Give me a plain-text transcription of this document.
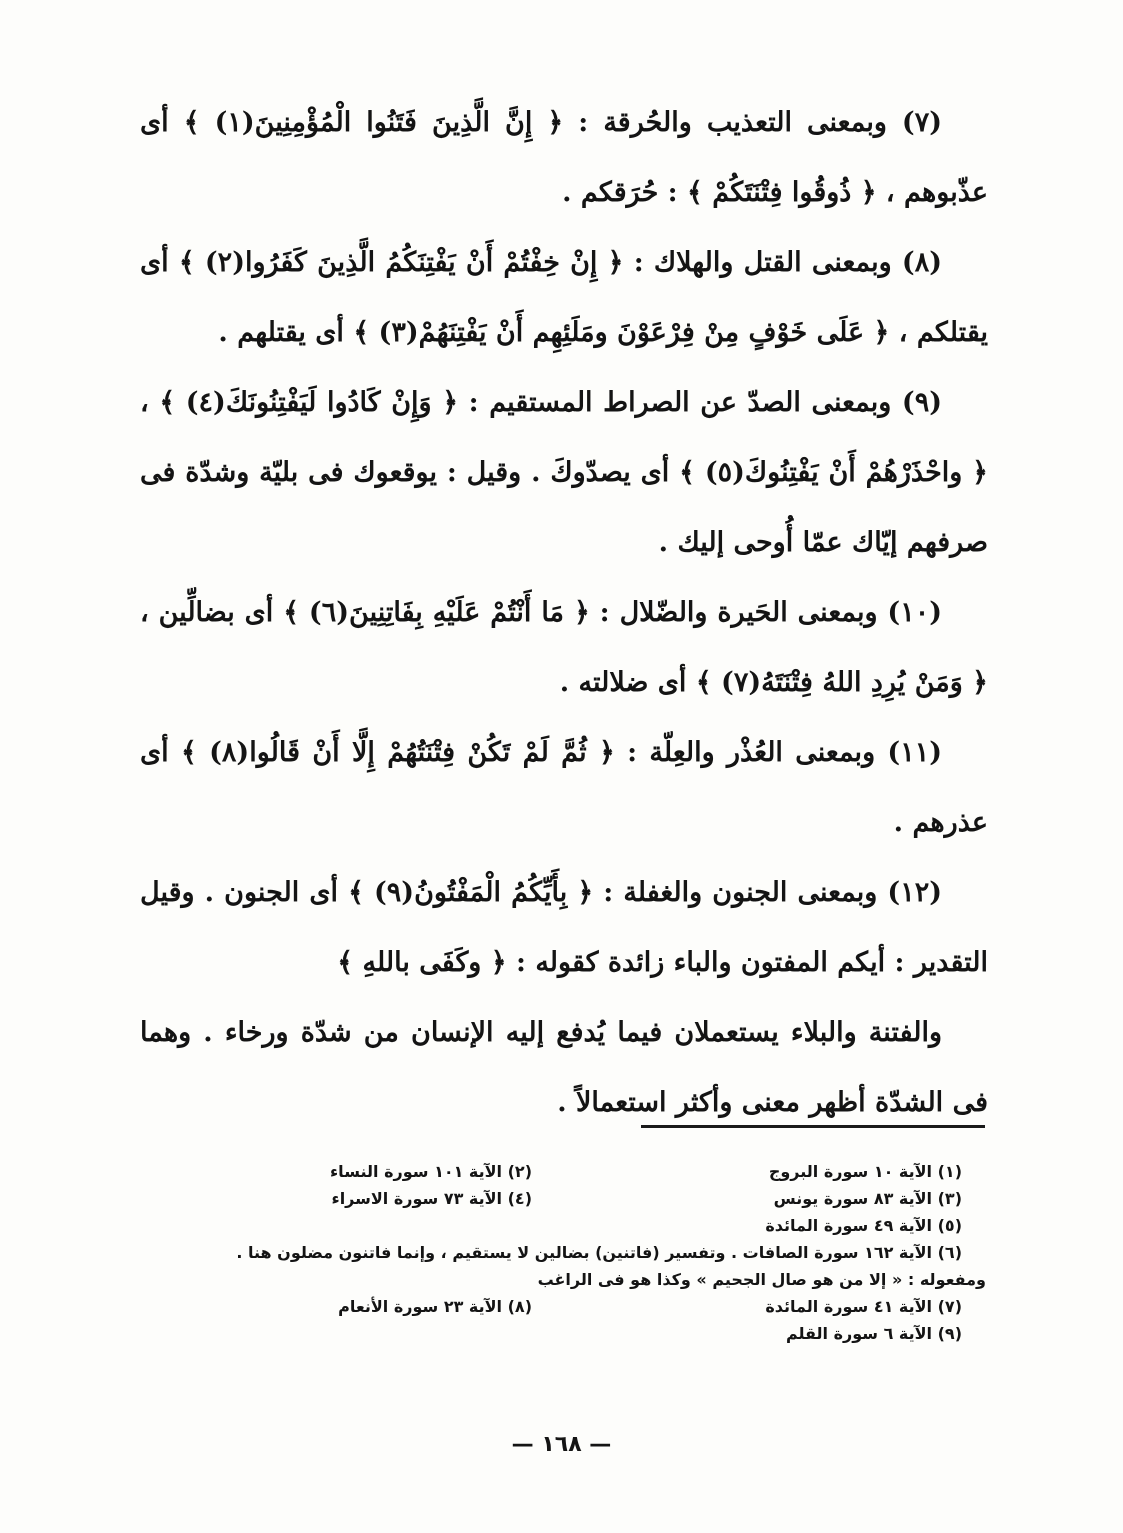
(٧) وبمعنى التعذيب والحُرقة : ﴿ إِنَّ الَّذِينَ فَتَنُوا الْمُؤْمِنِينَ(١) ﴾ أى عذّبوهم ، ﴿ ذُوقُوا فِتْنَتَكُمْ ﴾ : حُرَقكم .

(٨) وبمعنى القتل والهلاك : ﴿ إِنْ خِفْتُمْ أَنْ يَفْتِنَكُمُ الَّذِينَ كَفَرُوا(٢) ﴾ أى يقتلكم ، ﴿ عَلَى خَوْفٍ مِنْ فِرْعَوْنَ ومَلَئِهِم أَنْ يَفْتِنَهُمْ(٣) ﴾ أى يقتلهم .

(٩) وبمعنى الصدّ عن الصراط المستقيم : ﴿ وَإِنْ كَادُوا لَيَفْتِنُونَكَ(٤) ﴾ ، ﴿ واحْذَرْهُمْ أَنْ يَفْتِنُوكَ(٥) ﴾ أى يصدّوكَ . وقيل : يوقعوك فى بليّة وشدّة فى صرفهم إيّاك عمّا أُوحى إليك .

(١٠) وبمعنى الحَيرة والضّلال : ﴿ مَا أَنْتُمْ عَلَيْهِ بِفَاتِنِينَ(٦) ﴾ أى بضالِّين ، ﴿ وَمَنْ يُرِدِ اللهُ فِتْنَتَهُ(٧) ﴾ أى ضلالته .

(١١) وبمعنى العُذْر والعِلّة : ﴿ ثُمَّ لَمْ تَكُنْ فِتْنَتُهُمْ إِلَّا أَنْ قَالُوا(٨) ﴾ أى عذرهم .

(١٢) وبمعنى الجنون والغفلة : ﴿ بِأَيِّكُمُ الْمَفْتُونُ(٩) ﴾ أى الجنون . وقيل التقدير : أيكم المفتون والباء زائدة كقوله : ﴿ وكَفَى باللهِ ﴾

والفتنة والبلاء يستعملان فيما يُدفع إليه الإنسان من شدّة ورخاء . وهما فى الشدّة أظهر معنى وأكثر استعمالاً .

(١) الآية ١٠ سورة البروج
(٢) الآية ١٠١ سورة النساء
(٣) الآية ٨٣ سورة يونس
(٤) الآية ٧٣ سورة الاسراء
(٥) الآية ٤٩ سورة المائدة
(٦) الآية ١٦٢ سورة الصافات . وتفسير (فاتنين) بضالين لا يستقيم ، وإنما فاتنون مضلون هنا .
ومفعوله : « إلا من هو صال الجحيم » وكذا هو فى الراغب
(٧) الآية ٤١ سورة المائدة
(٨) الآية ٢٣ سورة الأنعام
(٩) الآية ٦ سورة القلم
— ١٦٨ —
